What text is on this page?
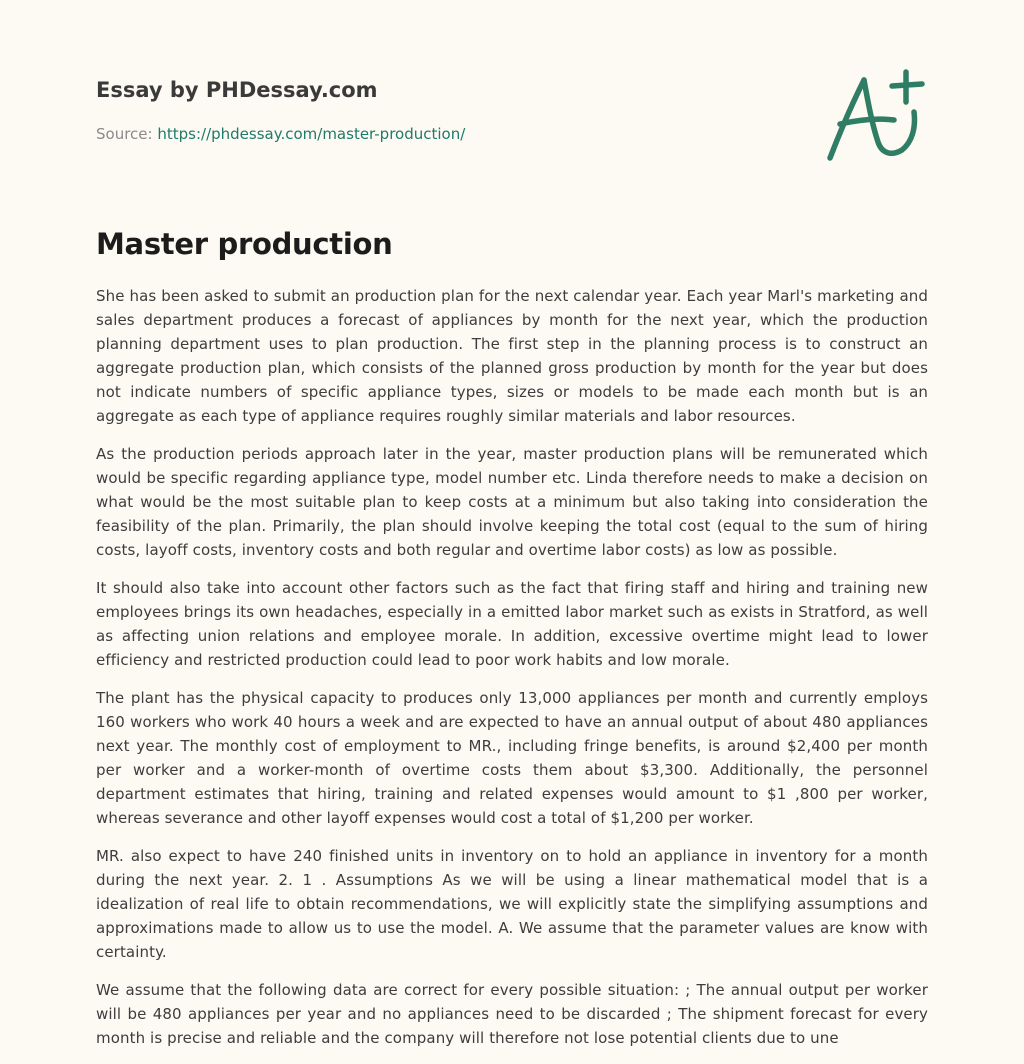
Essay by PHDessay.com
Source: https://phdessay.com/master-production/
Master production

She has been asked to submit an production plan for the next calendar year. Each year Marl's marketing and sales department produces a forecast of appliances by month for the next year, which the production planning department uses to plan production. The first step in the planning process is to construct an aggregate production plan, which consists of the planned gross production by month for the year but does not indicate numbers of specific appliance types, sizes or models to be made each month but is an aggregate as each type of appliance requires roughly similar materials and labor resources.

As the production periods approach later in the year, master production plans will be remunerated which would be specific regarding appliance type, model number etc. Linda therefore needs to make a decision on what would be the most suitable plan to keep costs at a minimum but also taking into consideration the feasibility of the plan. Primarily, the plan should involve keeping the total cost (equal to the sum of hiring costs, layoff costs, inventory costs and both regular and overtime labor costs) as low as possible.

It should also take into account other factors such as the fact that firing staff and hiring and training new employees brings its own headaches, especially in a emitted labor market such as exists in Stratford, as well as affecting union relations and employee morale. In addition, excessive overtime might lead to lower efficiency and restricted production could lead to poor work habits and low morale.

The plant has the physical capacity to produces only 13,000 appliances per month and currently employs 160 workers who work 40 hours a week and are expected to have an annual output of about 480 appliances next year. The monthly cost of employment to MR., including fringe benefits, is around $2,400 per month per worker and a worker-month of overtime costs them about $3,300. Additionally, the personnel department estimates that hiring, training and related expenses would amount to $1 ,800 per worker, whereas severance and other layoff expenses would cost a total of $1,200 per worker.

MR. also expect to have 240 finished units in inventory on to hold an appliance in inventory for a month during the next year. 2. 1 . Assumptions As we will be using a linear mathematical model that is a idealization of real life to obtain recommendations, we will explicitly state the simplifying assumptions and approximations made to allow us to use the model. A. We assume that the parameter values are know with certainty.

We assume that the following data are correct for every possible situation: ; The annual output per worker will be 480 appliances per year and no appliances need to be discarded ; The shipment forecast for every month is precise and reliable and the company will therefore not lose potential clients due to une
